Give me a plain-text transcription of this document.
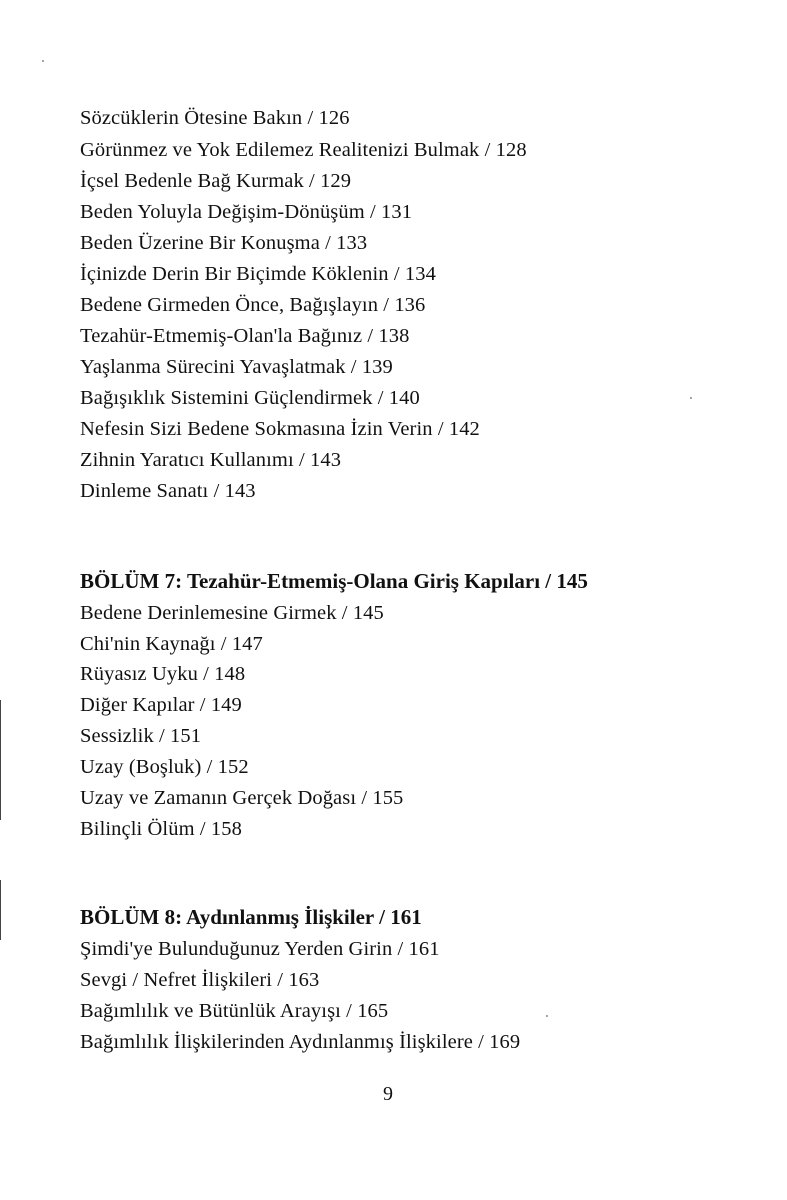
Sözcüklerin Ötesine Bakın / 126
Görünmez ve Yok Edilemez Realitenizi Bulmak / 128
İçsel Bedenle Bağ Kurmak / 129
Beden Yoluyla Değişim-Dönüşüm / 131
Beden Üzerine Bir Konuşma / 133
İçinizde Derin Bir Biçimde Köklenin / 134
Bedene Girmeden Önce, Bağışlayın / 136
Tezahür-Etmemiş-Olan'la Bağınız / 138
Yaşlanma Sürecini Yavaşlatmak / 139
Bağışıklık Sistemini Güçlendirmek / 140
Nefesin Sizi Bedene Sokmasına İzin Verin / 142
Zihnin Yaratıcı Kullanımı / 143
Dinleme Sanatı / 143
BÖLÜM 7: Tezahür-Etmemiş-Olana Giriş Kapıları / 145
Bedene Derinlemesine Girmek / 145
Chi'nin Kaynağı / 147
Rüyasız Uyku / 148
Diğer Kapılar / 149
Sessizlik / 151
Uzay (Boşluk) / 152
Uzay ve Zamanın Gerçek Doğası / 155
Bilinçli Ölüm / 158
BÖLÜM 8: Aydınlanmış İlişkiler / 161
Şimdi'ye Bulunduğunuz Yerden Girin / 161
Sevgi / Nefret İlişkileri / 163
Bağımlılık ve Bütünlük Arayışı / 165
Bağımlılık İlişkilerinden Aydınlanmış İlişkilere / 169
9
